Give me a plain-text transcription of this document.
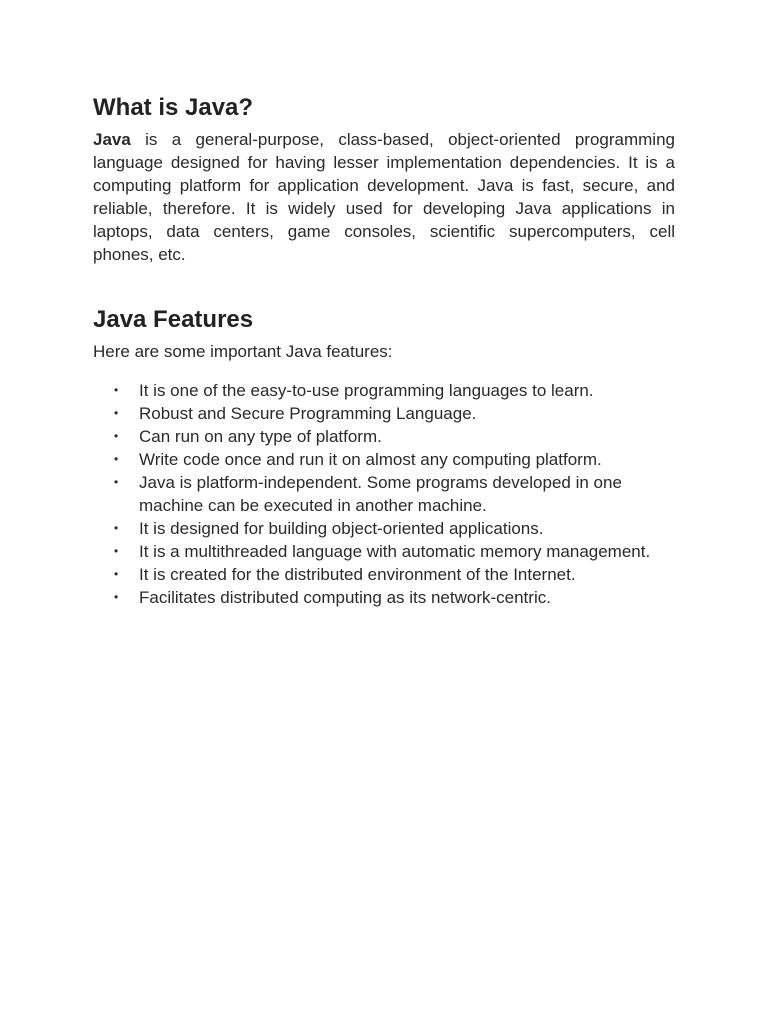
What is Java?

Java is a general-purpose, class-based, object-oriented programming language designed for having lesser implementation dependencies. It is a computing platform for application development. Java is fast, secure, and reliable, therefore. It is widely used for developing Java applications in laptops, data centers, game consoles, scientific supercomputers, cell phones, etc.

Java Features

Here are some important Java features:

• It is one of the easy-to-use programming languages to learn.
• Robust and Secure Programming Language.
• Can run on any type of platform.
• Write code once and run it on almost any computing platform.
• Java is platform-independent. Some programs developed in one machine can be executed in another machine.
• It is designed for building object-oriented applications.
• It is a multithreaded language with automatic memory management.
• It is created for the distributed environment of the Internet.
• Facilitates distributed computing as its network-centric.
